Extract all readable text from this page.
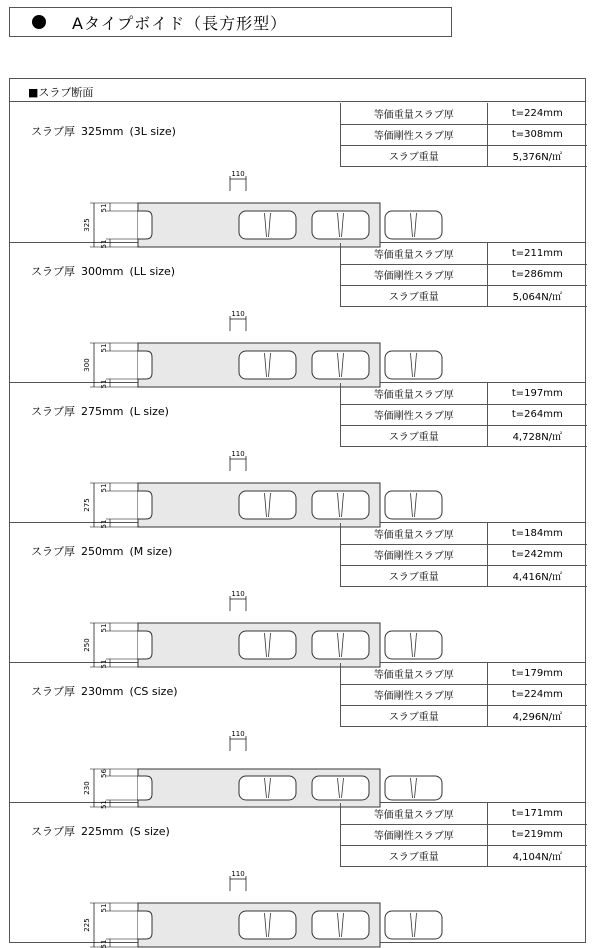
Aタイプボイド（長方形型）
■スラブ断面
スラブ厚 325mm (3L size)
等価重量スラブ厚	t=224mm
等価剛性スラブ厚	t=308mm
スラブ重量	5,376N/㎡
110
325
51
51
スラブ厚 300mm (LL size)
等価重量スラブ厚	t=211mm
等価剛性スラブ厚	t=286mm
スラブ重量	5,064N/㎡
110
300
51
51
スラブ厚 275mm (L size)
等価重量スラブ厚	t=197mm
等価剛性スラブ厚	t=264mm
スラブ重量	4,728N/㎡
110
275
51
51
スラブ厚 250mm (M size)
等価重量スラブ厚	t=184mm
等価剛性スラブ厚	t=242mm
スラブ重量	4,416N/㎡
110
250
51
51
スラブ厚 230mm (CS size)
等価重量スラブ厚	t=179mm
等価剛性スラブ厚	t=224mm
スラブ重量	4,296N/㎡
110
230
56
51
スラブ厚 225mm (S size)
等価重量スラブ厚	t=171mm
等価剛性スラブ厚	t=219mm
スラブ重量	4,104N/㎡
110
225
51
51
